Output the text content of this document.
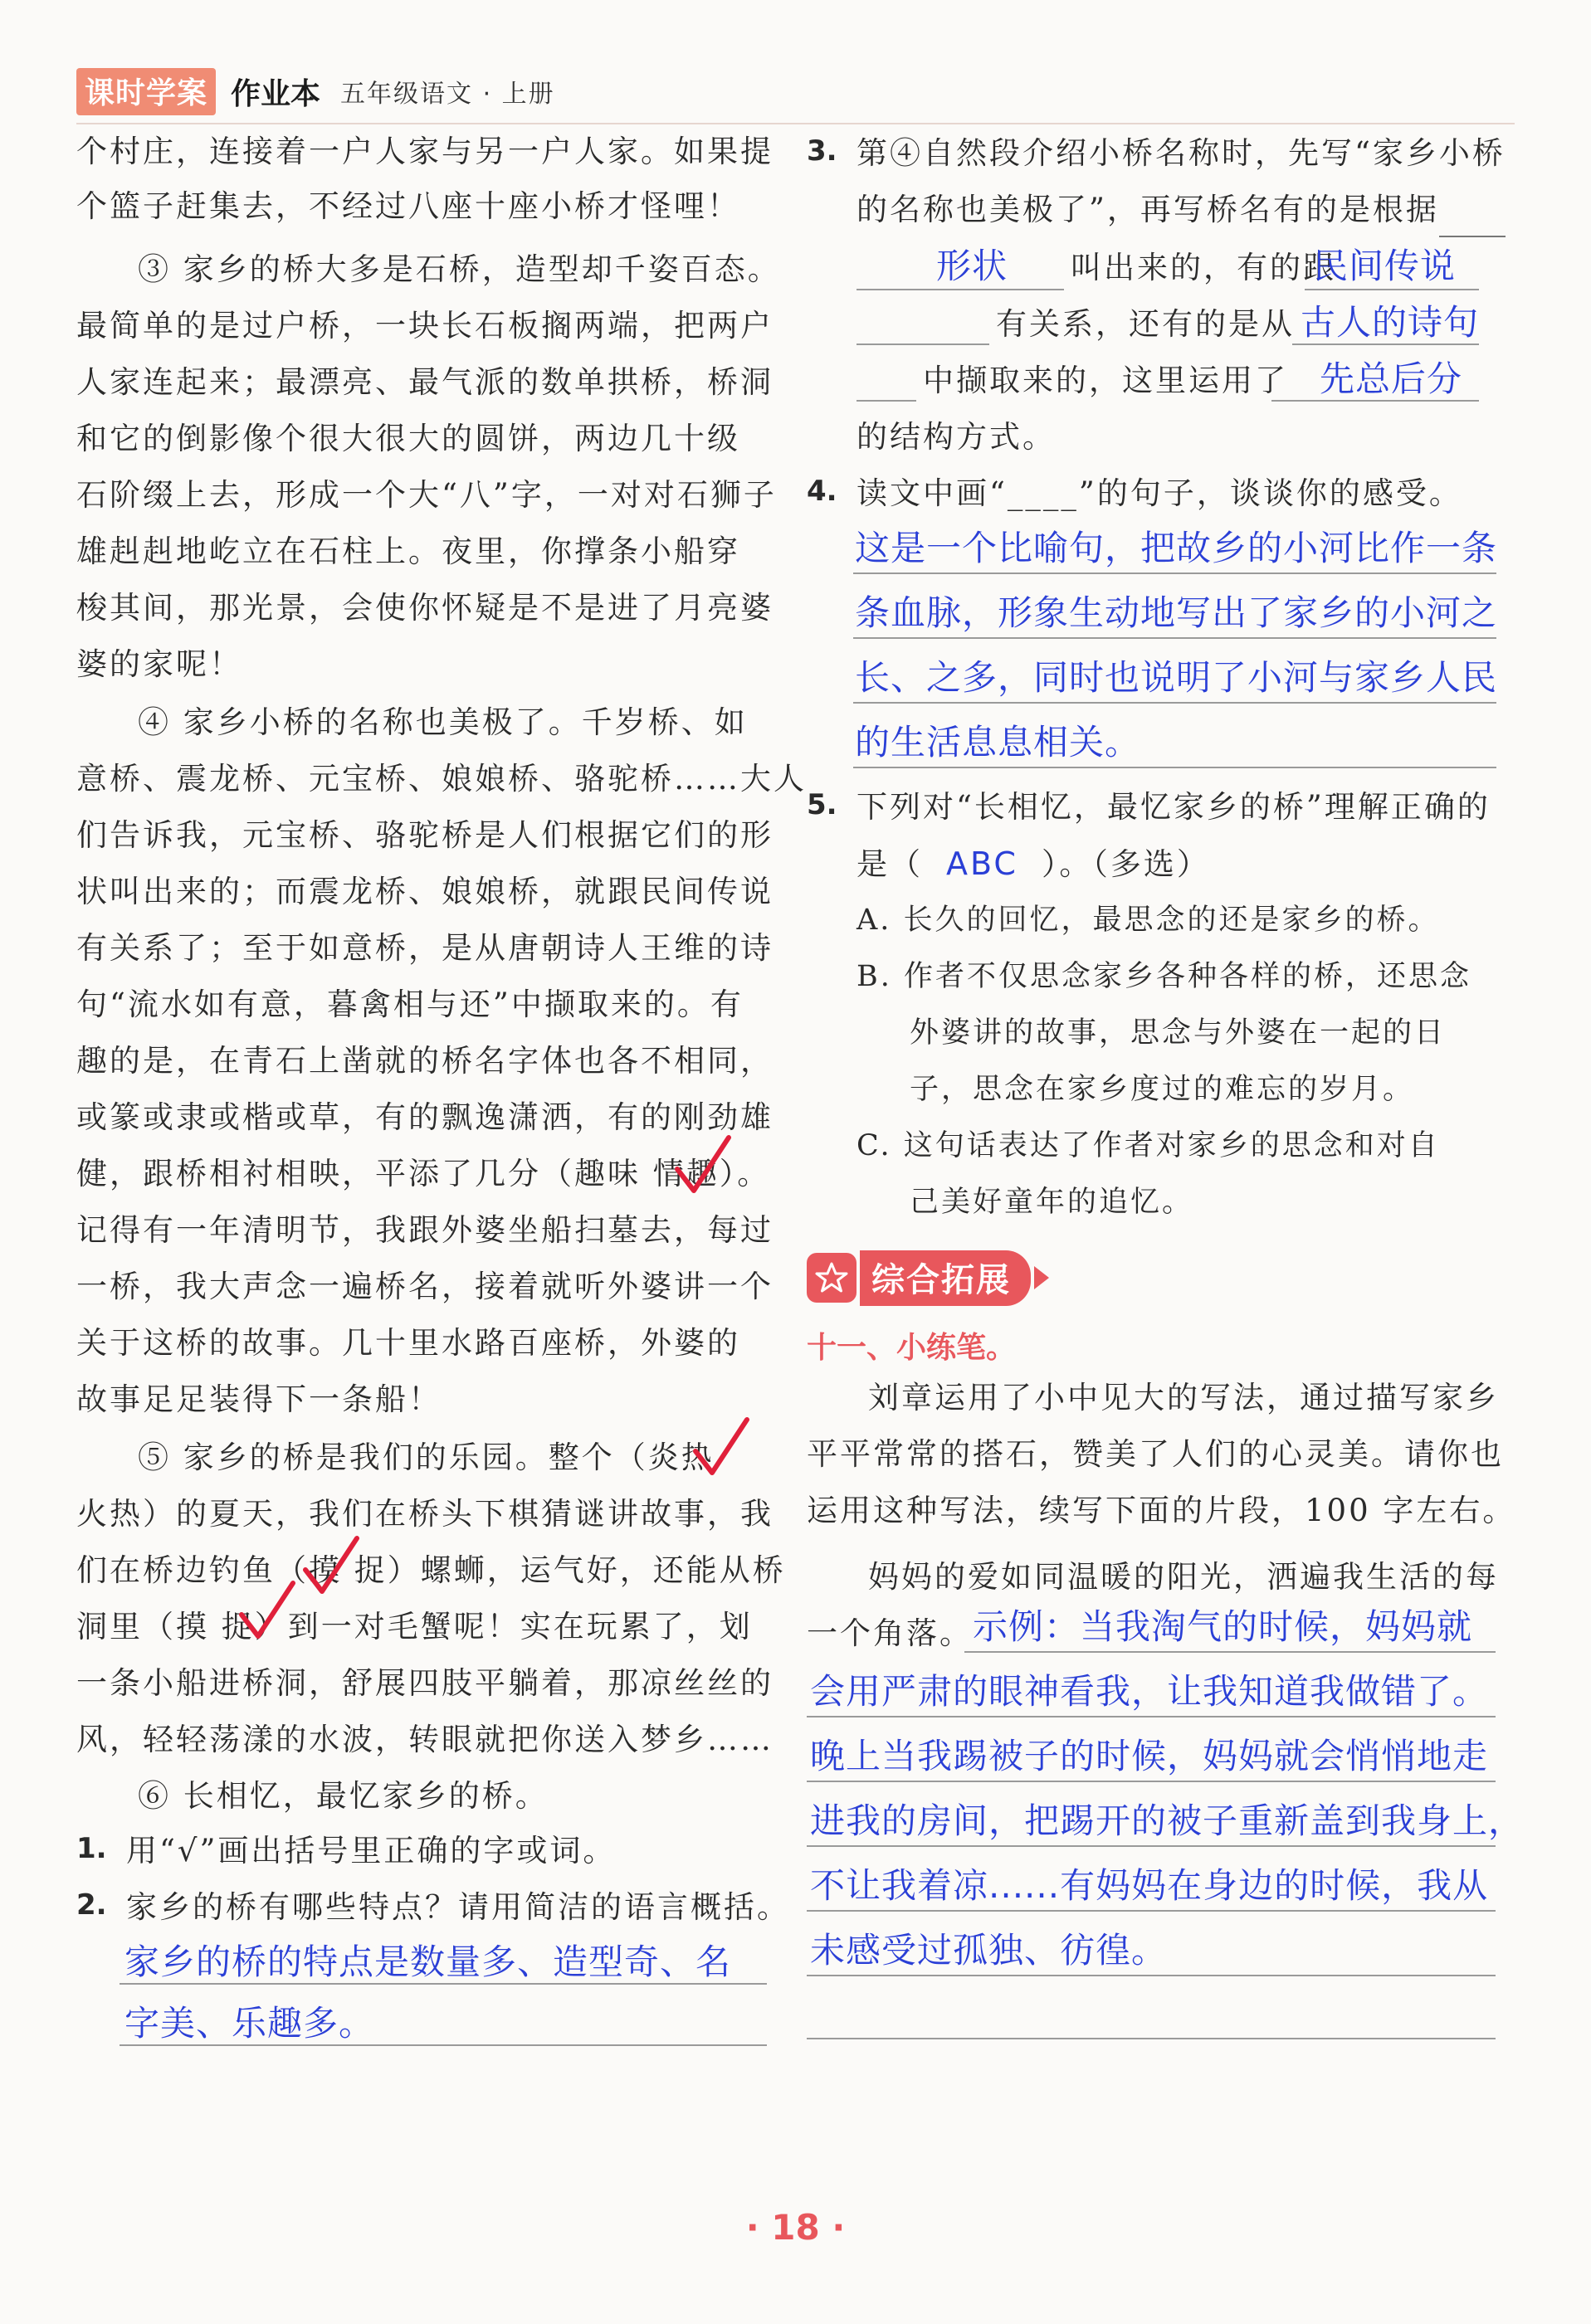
课时学案 作业本 五年级语文 · 上册
个村庄，连接着一户人家与另一户人家。如果提
个篮子赶集去，不经过八座十座小桥才怪哩！
③ 家乡的桥大多是石桥，造型却千姿百态。
最简单的是过户桥，一块长石板搁两端，把两户
人家连起来；最漂亮、最气派的数单拱桥，桥洞
和它的倒影像个很大很大的圆饼，两边几十级
石阶缀上去，形成一个大“八”字，一对对石狮子
雄赳赳地屹立在石柱上。夜里，你撑条小船穿
梭其间，那光景，会使你怀疑是不是进了月亮婆
婆的家呢！
④ 家乡小桥的名称也美极了。千岁桥、如
意桥、震龙桥、元宝桥、娘娘桥、骆驼桥……大人
们告诉我，元宝桥、骆驼桥是人们根据它们的形
状叫出来的；而震龙桥、娘娘桥，就跟民间传说
有关系了；至于如意桥，是从唐朝诗人王维的诗
句“流水如有意，暮禽相与还”中撷取来的。有
趣的是，在青石上凿就的桥名字体也各不相同，
或篆或隶或楷或草，有的飘逸潇洒，有的刚劲雄
健，跟桥相衬相映，平添了几分（趣味 情趣）。
记得有一年清明节，我跟外婆坐船扫墓去，每过
一桥，我大声念一遍桥名，接着就听外婆讲一个
关于这桥的故事。几十里水路百座桥，外婆的
故事足足装得下一条船！
⑤ 家乡的桥是我们的乐园。整个（炎热
火热）的夏天，我们在桥头下棋猜谜讲故事，我
们在桥边钓鱼（摸 捉）螺蛳，运气好，还能从桥
洞里（摸 捉）到一对毛蟹呢！实在玩累了，划
一条小船进桥洞，舒展四肢平躺着，那凉丝丝的
风，轻轻荡漾的水波，转眼就把你送入梦乡……
⑥ 长相忆，最忆家乡的桥。
1. 用“√”画出括号里正确的字或词。
2. 家乡的桥有哪些特点？请用简洁的语言概括。
家乡的桥的特点是数量多、造型奇、名
字美、乐趣多。
3. 第④自然段介绍小桥名称时，先写“家乡小桥
的名称也美极了”，再写桥名有的是根据
形状 叫出来的，有的跟
民间传说
有关系，还有的是从 古人的诗句
中撷取来的，这里运用了 先总后分
的结构方式。
4. 读文中画“____”的句子，谈谈你的感受。
这是一个比喻句，把故乡的小河比作一条
条血脉，形象生动地写出了家乡的小河之
长、之多，同时也说明了小河与家乡人民
的生活息息相关。
5. 下列对“长相忆，最忆家乡的桥”理解正确的
是（ ABC ）。（多选）
A. 长久的回忆，最思念的还是家乡的桥。
B. 作者不仅思念家乡各种各样的桥，还思念
外婆讲的故事，思念与外婆在一起的日
子，思念在家乡度过的难忘的岁月。
C. 这句话表达了作者对家乡的思念和对自
己美好童年的追忆。
综合拓展
十一、小练笔。
刘章运用了小中见大的写法，通过描写家乡
平平常常的搭石，赞美了人们的心灵美。请你也
运用这种写法，续写下面的片段，100 字左右。
妈妈的爱如同温暖的阳光，洒遍我生活的每
一个角落。 示例：当我淘气的时候，妈妈就
会用严肃的眼神看我，让我知道我做错了。
晚上当我踢被子的时候，妈妈就会悄悄地走
进我的房间，把踢开的被子重新盖到我身上，
不让我着凉......有妈妈在身边的时候，我从
未感受过孤独、彷徨。
· 18 ·
